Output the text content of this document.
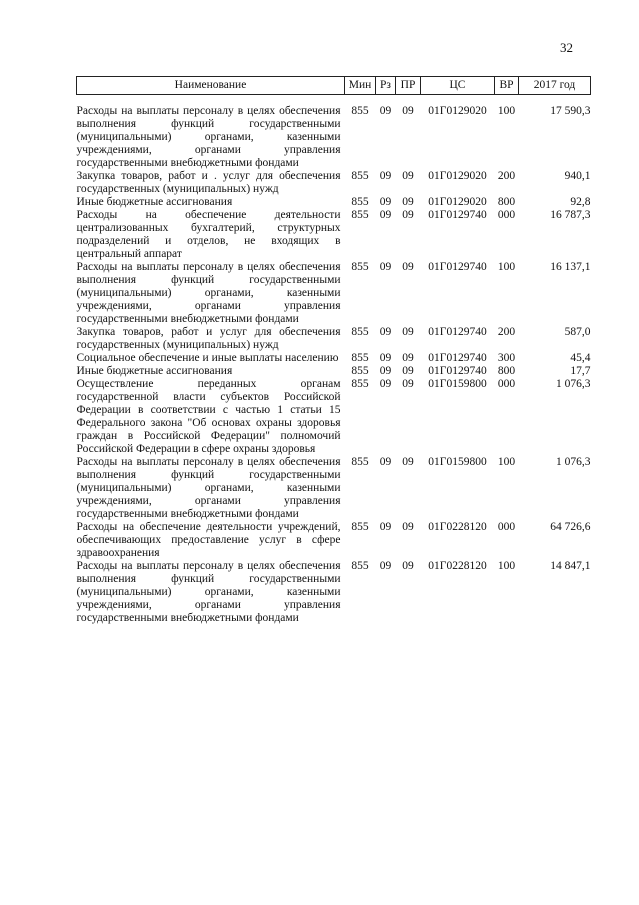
32
Наименование	Мин	Рз	ПР	ЦС	ВР	2017 год
Расходы на выплаты персоналу в целях обеспечения выполнения функций государственными (муниципальными) органами, казенными учреждениями, органами управления государственными внебюджетными фондами	855	09	09	01Г0129020	100	17 590,3
Закупка товаров, работ и . услуг для обеспечения государственных (муниципальных) нужд	855	09	09	01Г0129020	200	940,1
Иные бюджетные ассигнования	855	09	09	01Г0129020	800	92,8
Расходы на обеспечение деятельности централизованных бухгалтерий, структурных подразделений и отделов, не входящих в центральный аппарат	855	09	09	01Г0129740	000	16 787,3
Расходы на выплаты персоналу в целях обеспечения выполнения функций государственными (муниципальными) органами, казенными учреждениями, органами управления государственными внебюджетными фондами	855	09	09	01Г0129740	100	16 137,1
Закупка товаров, работ и услуг для обеспечения государственных (муниципальных) нужд	855	09	09	01Г0129740	200	587,0
Социальное обеспечение и иные выплаты населению	855	09	09	01Г0129740	300	45,4
Иные бюджетные ассигнования	855	09	09	01Г0129740	800	17,7
Осуществление переданных органам государственной власти субъектов Российской Федерации в соответствии с частью 1 статьи 15 Федерального закона "Об основах охраны здоровья граждан в Российской Федерации" полномочий Российской Федерации в сфере охраны здоровья	855	09	09	01Г0159800	000	1 076,3
Расходы на выплаты персоналу в целях обеспечения выполнения функций государственными (муниципальными) органами, казенными учреждениями, органами управления государственными внебюджетными фондами	855	09	09	01Г0159800	100	1 076,3
Расходы на обеспечение деятельности учреждений, обеспечивающих предоставление услуг в сфере здравоохранения	855	09	09	01Г0228120	000	64 726,6
Расходы на выплаты персоналу в целях обеспечения выполнения функций государственными (муниципальными) органами, казенными учреждениями, органами управления государственными внебюджетными фондами	855	09	09	01Г0228120	100	14 847,1
